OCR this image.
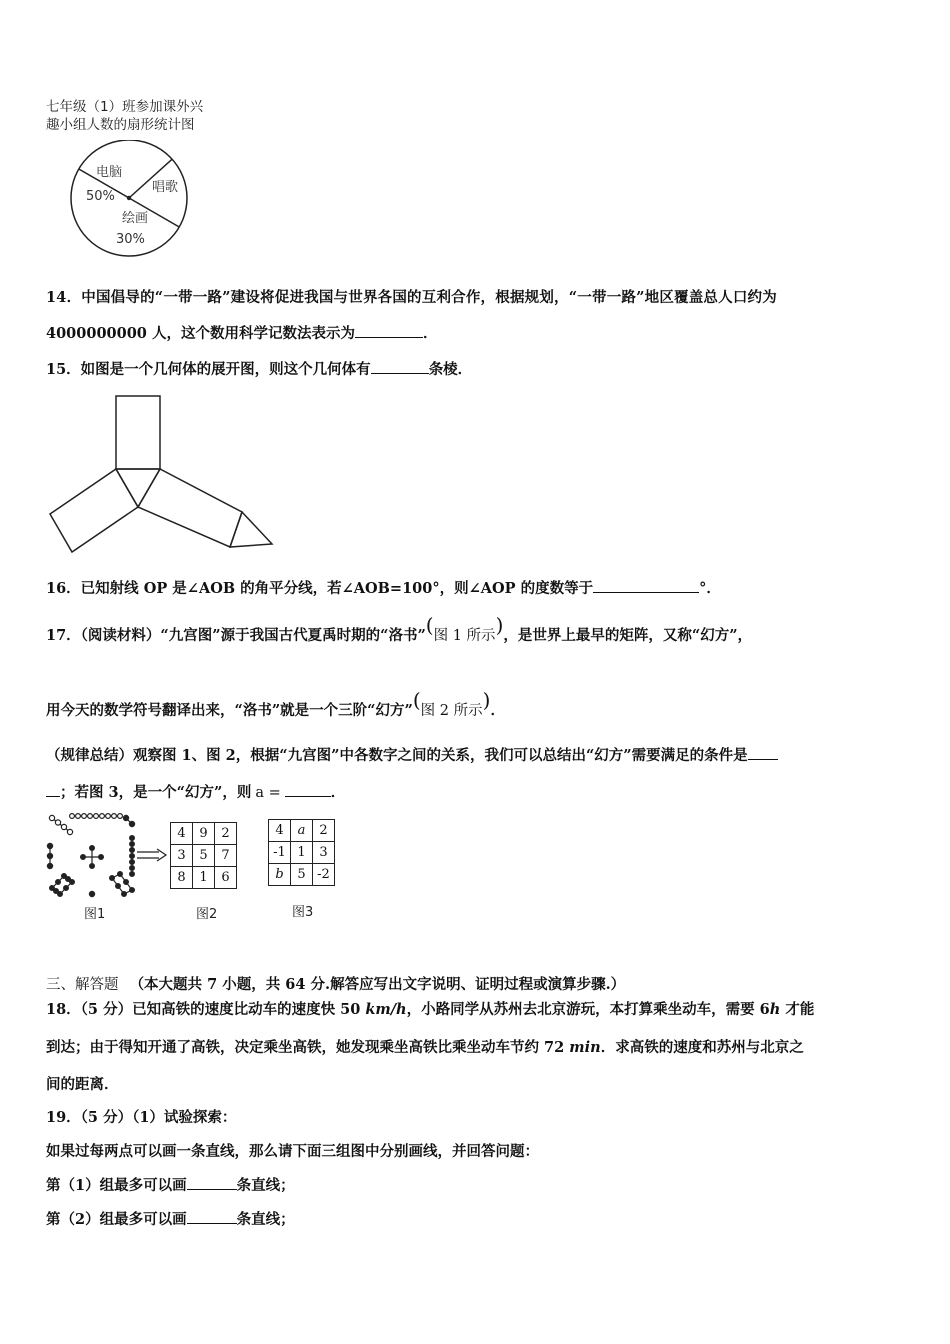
七年级（1）班参加课外兴
趣小组人数的扇形统计图
电脑
50%
唱歌
绘画
30%
14．中国倡导的“一带一路”建设将促进我国与世界各国的互利合作，根据规划，“一带一路”地区覆盖总人口约为
4000000000 人，这个数用科学记数法表示为	．
15．如图是一个几何体的展开图，则这个几何体有	条棱．
16．已知射线 OP 是∠AOB 的角平分线，若∠AOB=100°，则∠AOP 的度数等于	°．
17．（阅读材料）“九宫图”源于我国古代夏禹时期的“洛书”(图 1 所示)，是世界上最早的矩阵，又称“幻方”，
用今天的数学符号翻译出来，“洛书”就是一个三阶“幻方”(图 2 所示)．
（规律总结）观察图 1、图 2，根据“九宫图”中各数字之间的关系，我们可以总结出“幻方”需要满足的条件是
；若图 3，是一个“幻方”，则 a =	．
图1
4	9	2
3	5	7
8	1	6
图2
4	a	2
-1	1	3
b	5	-2
图3
三、解答题 （本大题共 7 小题，共 64 分.解答应写出文字说明、证明过程或演算步骤.）
18．（5 分）已知高铁的速度比动车的速度快 50 km/h，小路同学从苏州去北京游玩，本打算乘坐动车，需要 6h 才能
到达；由于得知开通了高铁，决定乘坐高铁，她发现乘坐高铁比乘坐动车节约 72 min．求高铁的速度和苏州与北京之
间的距离．
19．（5 分）（1）试验探索：
如果过每两点可以画一条直线，那么请下面三组图中分别画线，并回答问题：
第（1）组最多可以画	条直线；
第（2）组最多可以画	条直线；
